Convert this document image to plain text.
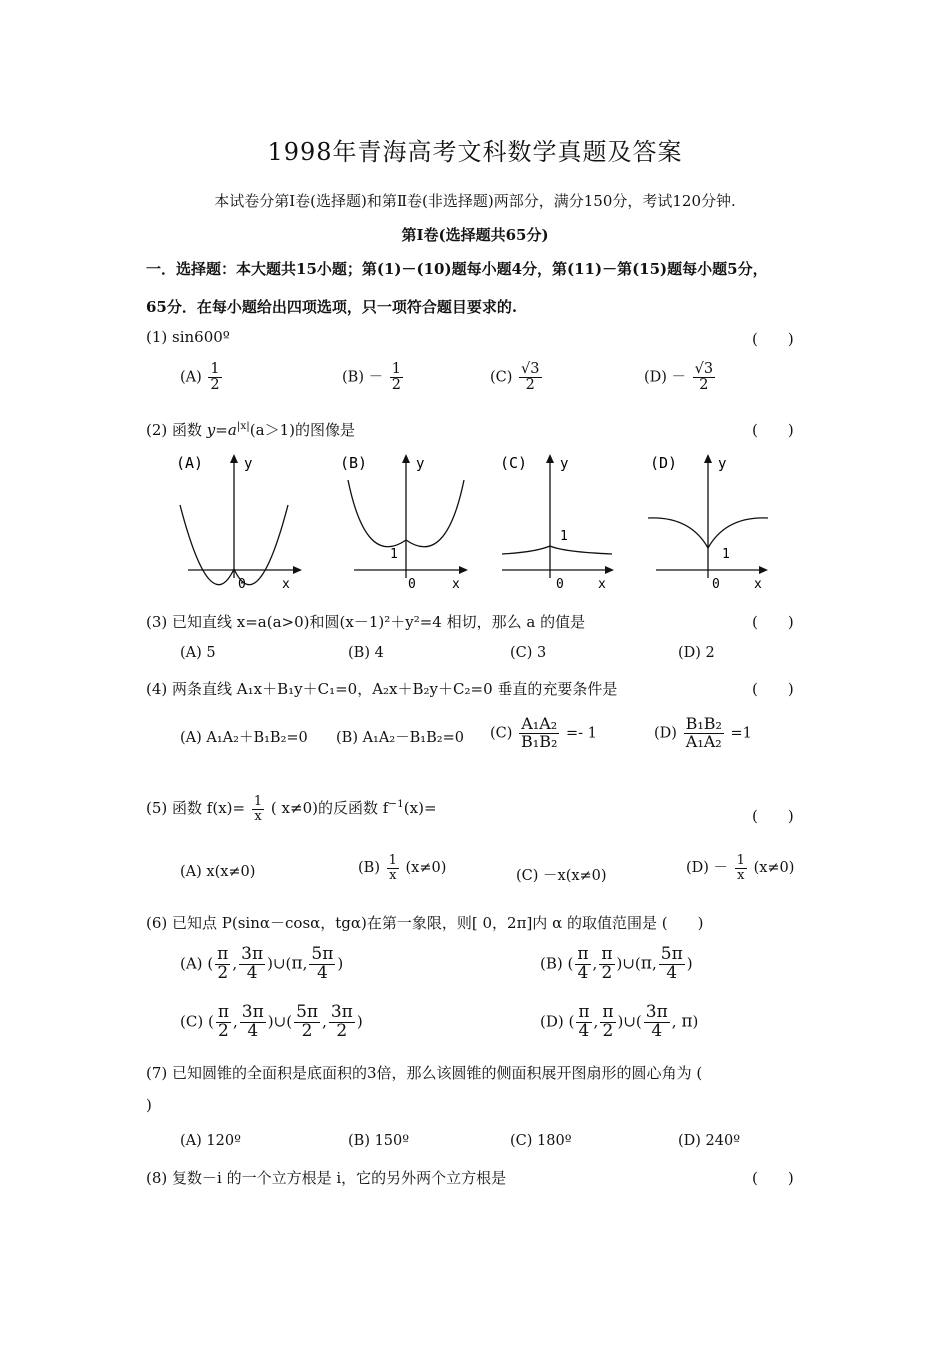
1998年青海高考文科数学真题及答案
本试卷分第Ⅰ卷(选择题)和第Ⅱ卷(非选择题)两部分，满分150分，考试120分钟.
第Ⅰ卷(选择题共65分)
一．选择题：本大题共15小题；第(1)－(10)题每小题4分，第(11)－第(15)题每小题5分，
65分．在每小题给出四项选项，只一项符合题目要求的.
(1) sin600º	(　　)
$(A) \frac{1}{2}$	$(B) - \frac{1}{2}$	$(C) \frac{√3}{2}$	$(D) - \frac{√3}{2}$
(2) 函数 $y=a^{|x|}(a>1)$的图像是	(　　)
(A)	y
0	x
(B)	y
1
0	x
(C) y
1
0	x
(D)	y
1
0	x
(3) 已知直线 x=a(a>0)和圆(x－1)²＋y²=4 相切，那么 a 的值是	(　　)
(A) 5	(B) 4	(C) 3	(D) 2
(4) 两条直线 A₁x＋B₁y＋C₁=0，A₂x＋B₂y＋C₂=0 垂直的充要条件是	(　　)
(A) A₁A₂＋B₁B₂=0 (B) A₁A₂－B₁B₂=0 $(C) \frac{\text{A₁A₂}}{\text{B₁B₂}} =- 1$	$(D) \frac{\text{B₁B₂}}{\text{A₁A₂}} =1$
(5) 函数 $f(x)= \frac{1}{x}$ ( x≠0)的反函数 $f^{-1}(x)=$	(　　)
(A) x(x≠0)	$(B) \frac{1}{x} (x\ne 0)$	(C) －x(x≠0)	$(D) - \frac{1}{x} (x\ne 0)$
(6) 已知点 P(sinα－cosα，tgα)在第一象限，则[ 0，2π]内 α 的取值范围是 (　　)
(A) ( $\frac{\pi}{2}$ , $\frac{3\pi}{4}$ )∪(π, $\frac{5\pi}{4}$ )	(B) ( $\frac{\pi}{4}$ , $\frac{\pi}{2}$ )∪(π, $\frac{5\pi}{4}$ )
(C) ( $\frac{\pi}{2}$ , $\frac{3\pi}{4}$ )∪( $\frac{5\pi}{2}$ , $\frac{3\pi}{2}$ )	(D) ( $\frac{\pi}{4}$ , $\frac{\pi}{2}$ )∪( $\frac{3\pi}{4}$ , π)
(7) 已知圆锥的全面积是底面积的3倍，那么该圆锥的侧面积展开图扇形的圆心角为 (
)
(A) 120º	(B) 150º	(C) 180º	(D) 240º
(8) 复数－i 的一个立方根是 i，它的另外两个立方根是	(　　)
